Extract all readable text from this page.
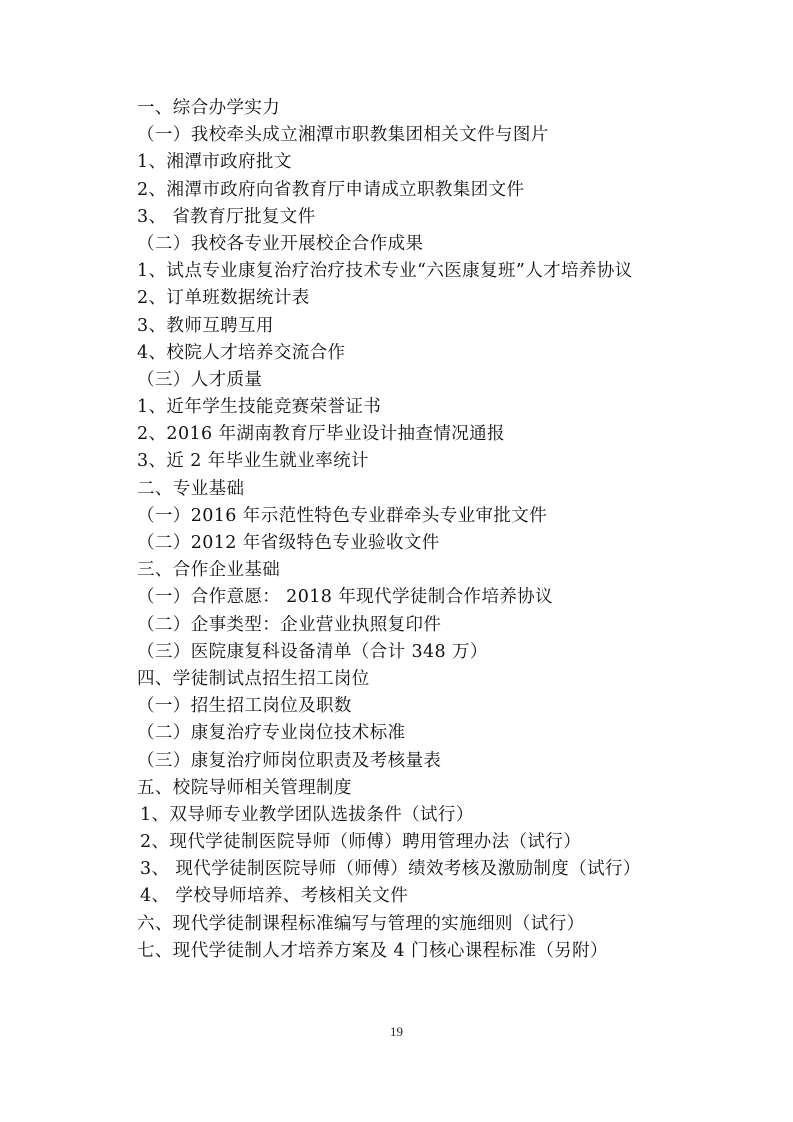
一、综合办学实力
（一）我校牵头成立湘潭市职教集团相关文件与图片
1、湘潭市政府批文
2、湘潭市政府向省教育厅申请成立职教集团文件
3、 省教育厅批复文件
（二）我校各专业开展校企合作成果
1、试点专业康复治疗治疗技术专业“六医康复班”人才培养协议
2、订单班数据统计表
3、教师互聘互用
4、校院人才培养交流合作
（三）人才质量
1、近年学生技能竞赛荣誉证书
2、2016 年湖南教育厅毕业设计抽查情况通报
3、近 2 年毕业生就业率统计
二、专业基础
（一）2016 年示范性特色专业群牵头专业审批文件
（二）2012 年省级特色专业验收文件
三、合作企业基础
（一）合作意愿： 2018 年现代学徒制合作培养协议
（二）企事类型：企业营业执照复印件
（三）医院康复科设备清单（合计 348 万）
四、学徒制试点招生招工岗位
（一）招生招工岗位及职数
（二）康复治疗专业岗位技术标准
（三）康复治疗师岗位职责及考核量表
五、校院导师相关管理制度
1、双导师专业教学团队选拔条件（试行）
2、现代学徒制医院导师（师傅）聘用管理办法（试行）
3、 现代学徒制医院导师（师傅）绩效考核及激励制度（试行）
4、 学校导师培养、考核相关文件
六、现代学徒制课程标准编写与管理的实施细则（试行）
七、现代学徒制人才培养方案及 4 门核心课程标准（另附）
19
